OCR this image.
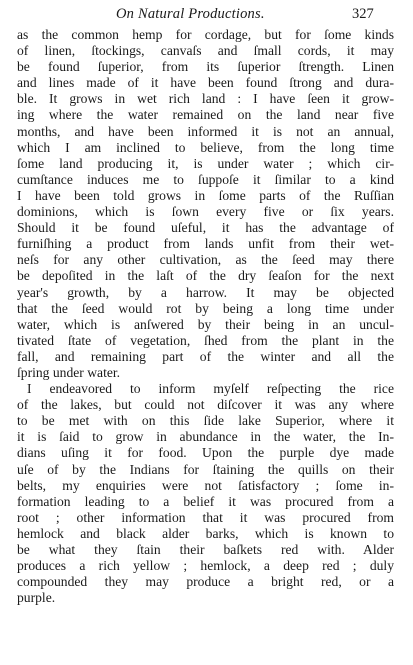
On Natural Productions.	327
as the common hemp for cordage, but for ſome kinds
of linen, ſtockings, canvaſs and ſmall cords, it may
be found ſuperior, from its ſuperior ſtrength. Linen
and lines made of it have been found ſtrong and dura-
ble. It grows in wet rich land : I have ſeen it grow-
ing where the water remained on the land near five
months, and have been informed it is not an annual,
which I am inclined to believe, from the long time
ſome land producing it, is under water ; which cir-
cumſtance induces me to ſuppoſe it ſimilar to a kind
I have been told grows in ſome parts of the Ruſſian
dominions, which is ſown every five or ſix years.
Should it be found uſeful, it has the advantage of
furniſhing a product from lands unfit from their wet-
neſs for any other cultivation, as the ſeed may there
be depoſited in the laſt of the dry ſeaſon for the next
year's growth, by a harrow. It may be objected
that the ſeed would rot by being a long time under
water, which is anſwered by their being in an uncul-
tivated ſtate of vegetation, ſhed from the plant in the
fall, and remaining part of the winter and all the
ſpring under water.
I endeavored to inform myſelf reſpecting the rice
of the lakes, but could not diſcover it was any where
to be met with on this ſide lake Superior, where it
it is ſaid to grow in abundance in the water, the In-
dians uſing it for food. Upon the purple dye made
uſe of by the Indians for ſtaining the quills on their
belts, my enquiries were not ſatisfactory ; ſome in-
formation leading to a belief it was procured from a
root ; other information that it was procured from
hemlock and black alder barks, which is known to
be what they ſtain their baſkets red with. Alder
produces a rich yellow ; hemlock, a deep red ; duly
compounded they may produce a bright red, or a
purple.
